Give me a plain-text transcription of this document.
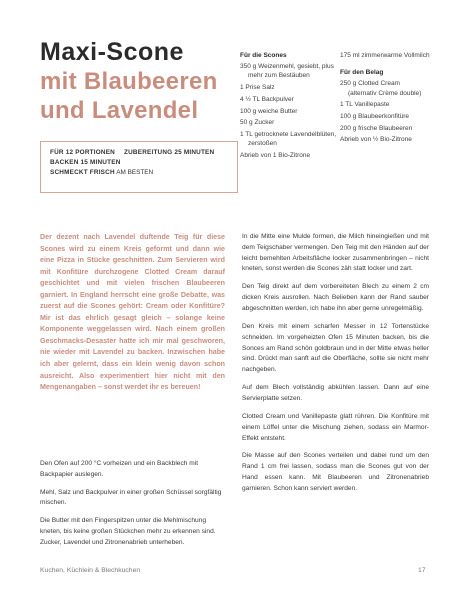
Maxi-Scone
mit Blaubeeren
und Lavendel
FÜR 12 PORTIONEN ZUBEREITUNG 25 MINUTEN
BACKEN 15 MINUTEN
SCHMECKT FRISCH AM BESTEN
Für die Scones
350 g Weizenmehl, gesiebt, plus mehr zum Bestäuben
1 Prise Salz
4 ½ TL Backpulver
100 g weiche Butter
50 g Zucker
1 TL getrocknete Lavendelblüten, zerstoßen
Abrieb von 1 Bio-Zitrone
175 ml zimmerwarme Vollmilch
Für den Belag
250 g Clotted Cream (alternativ Crème double)
1 TL Vanillepaste
100 g Blaubeerkonfitüre
200 g frische Blaubeeren
Abrieb von ½ Bio-Zitrone

Der dezent nach Lavendel duftende Teig für diese Scones wird zu einem Kreis geformt und dann wie eine Pizza in Stücke geschnitten. Zum Servieren wird mit Konfitüre durchzogene Clotted Cream darauf geschichtet und mit vielen frischen Blaubeeren garniert. In England herrscht eine große Debatte, was zuerst auf die Scones gehört: Cream oder Konfitüre? Mir ist das ehrlich gesagt gleich – solange keine Komponente weggelassen wird. Nach einem großen Geschmacks-Desaster hatte ich mir mal geschworen, nie wieder mit Lavendel zu backen. Inzwischen habe ich aber gelernt, dass ein klein wenig davon schon ausreicht. Also experimentiert hier nicht mit den Mengenangaben – sonst werdet ihr es bereuen!

Den Ofen auf 200 °C vorheizen und ein Backblech mit Backpapier auslegen.

Mehl, Salz und Backpulver in einer großen Schüssel sorgfältig mischen.

Die Butter mit den Fingerspitzen unter die Mehlmischung kneten, bis keine großen Stückchen mehr zu erkennen sind. Zucker, Lavendel und Zitronenabrieb unterheben.

In die Mitte eine Mulde formen, die Milch hineingießen und mit dem Teigschaber vermengen. Den Teig mit den Händen auf der leicht bemehlten Arbeitsfläche locker zusammenbringen – nicht kneten, sonst werden die Scones zäh statt locker und zart.

Den Teig direkt auf dem vorbereiteten Blech zu einem 2 cm dicken Kreis ausrollen. Nach Belieben kann der Rand sauber abgeschnitten werden, ich habe ihn aber gerne unregelmäßig.

Den Kreis mit einem scharfen Messer in 12 Tortenstücke schneiden. Im vorgeheizten Ofen 15 Minuten backen, bis die Sonces am Rand schön goldbraun und in der Mitte etwas heller sind. Drückt man sanft auf die Oberfläche, sollte sie nicht mehr nachgeben.

Auf dem Blech vollständig abkühlen lassen. Dann auf eine Servierplatte setzen.

Clotted Cream und Vanillepaste glatt rühren. Die Konfitüre mit einem Löffel unter die Mischung ziehen, sodass ein Marmor-Effekt entsteht.

Die Masse auf den Scones verteilen und dabei rund um den Rand 1 cm frei lassen, sodass man die Scones gut von der Hand essen kann. Mit Blaubeeren und Zitronenabrieb garnieren. Schon kann serviert werden.

Kuchen, Küchlein & Blechkuchen	17
